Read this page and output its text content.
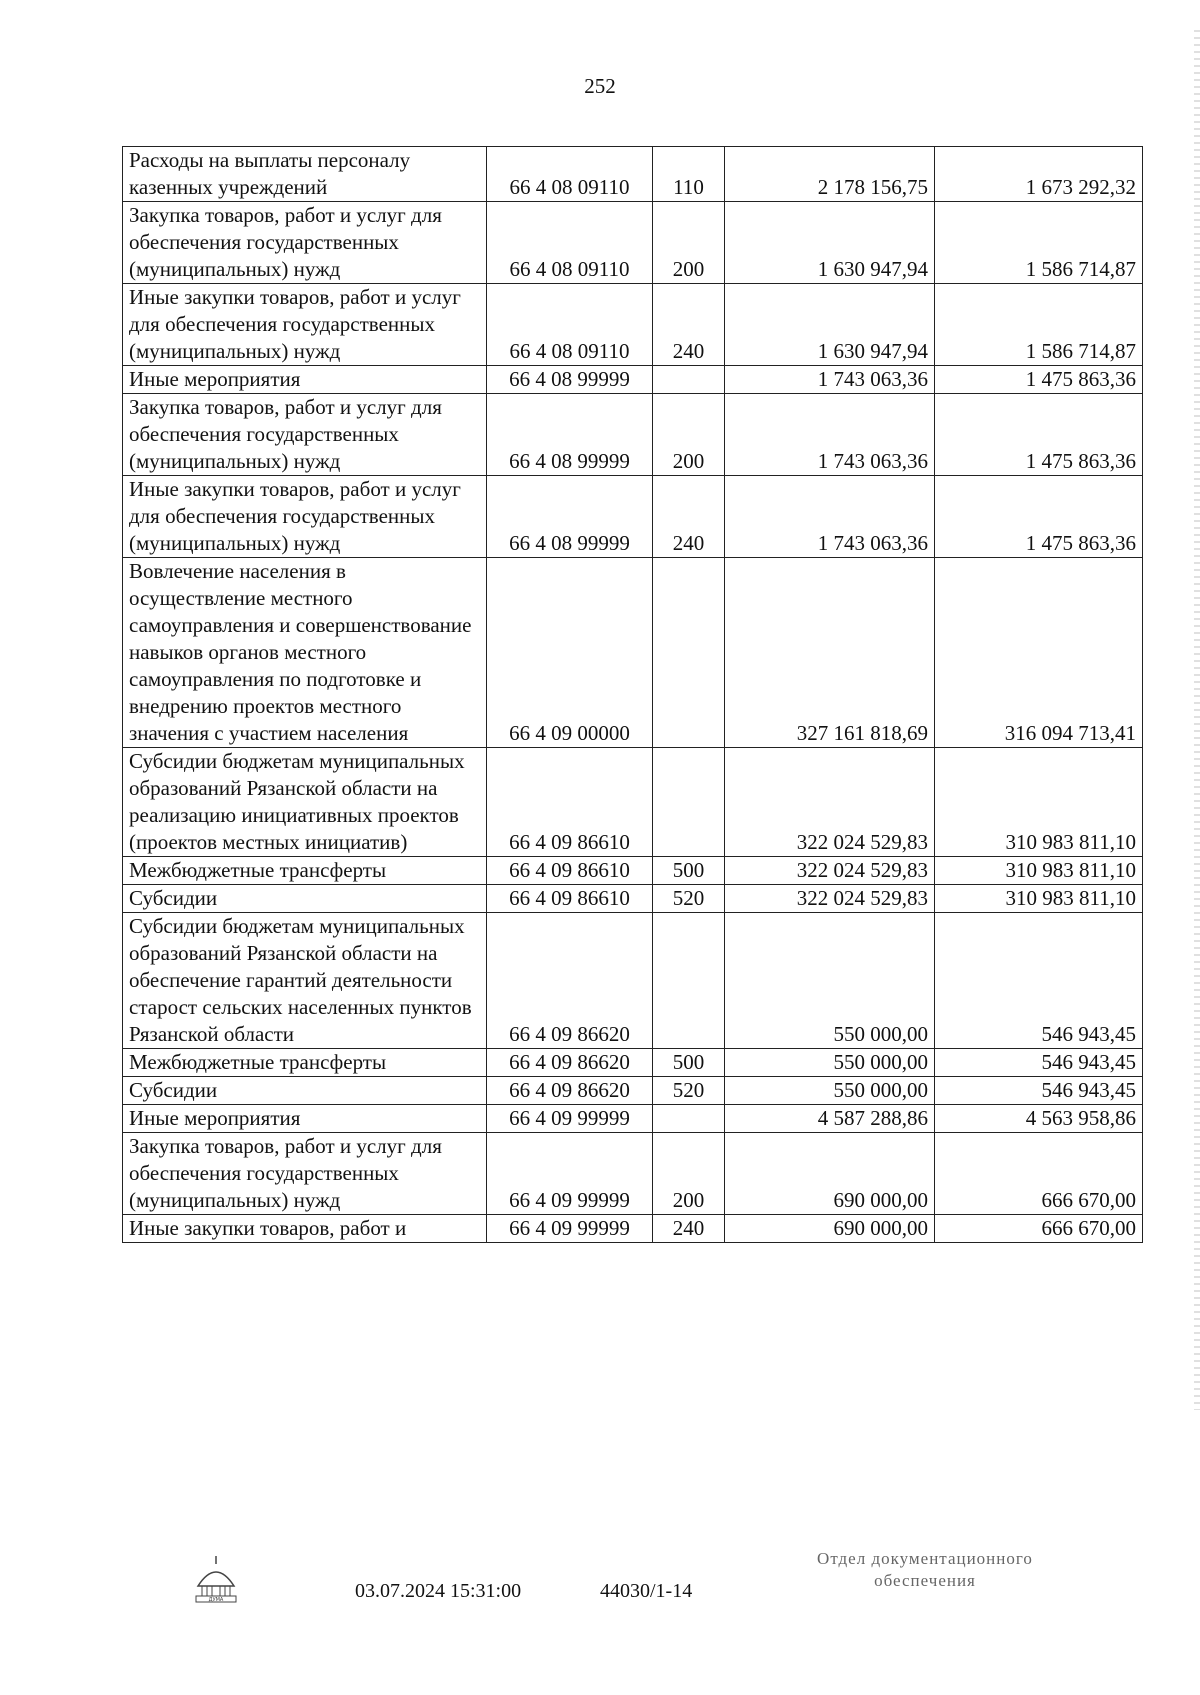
252
Расходы на выплаты персоналу казенных учреждений	66 4 08 09110	110	2 178 156,75	1 673 292,32
Закупка товаров, работ и услуг для обеспечения государственных (муниципальных) нужд	66 4 08 09110	200	1 630 947,94	1 586 714,87
Иные закупки товаров, работ и услуг для обеспечения государственных (муниципальных) нужд	66 4 08 09110	240	1 630 947,94	1 586 714,87
Иные мероприятия	66 4 08 99999		1 743 063,36	1 475 863,36
Закупка товаров, работ и услуг для обеспечения государственных (муниципальных) нужд	66 4 08 99999	200	1 743 063,36	1 475 863,36
Иные закупки товаров, работ и услуг для обеспечения государственных (муниципальных) нужд	66 4 08 99999	240	1 743 063,36	1 475 863,36
Вовлечение населения в осуществление местного самоуправления и совершенствование навыков органов местного самоуправления по подготовке и внедрению проектов местного значения с участием населения	66 4 09 00000		327 161 818,69	316 094 713,41
Субсидии бюджетам муниципальных образований Рязанской области на реализацию инициативных проектов (проектов местных инициатив)	66 4 09 86610		322 024 529,83	310 983 811,10
Межбюджетные трансферты	66 4 09 86610	500	322 024 529,83	310 983 811,10
Субсидии	66 4 09 86610	520	322 024 529,83	310 983 811,10
Субсидии бюджетам муниципальных образований Рязанской области на обеспечение гарантий деятельности старост сельских населенных пунктов Рязанской области	66 4 09 86620		550 000,00	546 943,45
Межбюджетные трансферты	66 4 09 86620	500	550 000,00	546 943,45
Субсидии	66 4 09 86620	520	550 000,00	546 943,45
Иные мероприятия	66 4 09 99999		4 587 288,86	4 563 958,86
Закупка товаров, работ и услуг для обеспечения государственных (муниципальных) нужд	66 4 09 99999	200	690 000,00	666 670,00
Иные закупки товаров, работ и	66 4 09 99999	240	690 000,00	666 670,00
ДУМА	03.07.2024 15:31:00	44030/1-14
Отдел документационного
обеспечения
